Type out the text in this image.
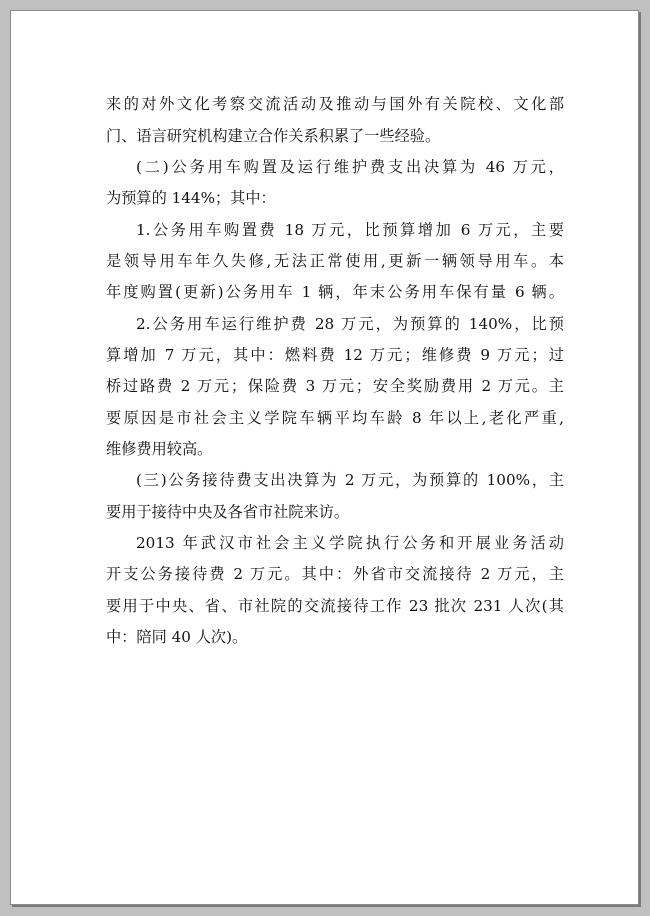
来的对外文化考察交流活动及推动与国外有关院校、文化部
门、语言研究机构建立合作关系积累了一些经验。
(二)公务用车购置及运行维护费支出决算为 46 万元，
为预算的 144%；其中：
1.公务用车购置费 18 万元，比预算增加 6 万元，主要
是领导用车年久失修,无法正常使用,更新一辆领导用车。本
年度购置(更新)公务用车 1 辆，年末公务用车保有量 6 辆。
2.公务用车运行维护费 28 万元，为预算的 140%，比预
算增加 7 万元，其中：燃料费 12 万元；维修费 9 万元；过
桥过路费 2 万元；保险费 3 万元；安全奖励费用 2 万元。主
要原因是市社会主义学院车辆平均车龄 8 年以上,老化严重,
维修费用较高。
(三)公务接待费支出决算为 2 万元，为预算的 100%，主
要用于接待中央及各省市社院来访。
2013 年武汉市社会主义学院执行公务和开展业务活动
开支公务接待费 2 万元。其中：外省市交流接待 2 万元，主
要用于中央、省、市社院的交流接待工作 23 批次 231 人次(其
中：陪同 40 人次)。
